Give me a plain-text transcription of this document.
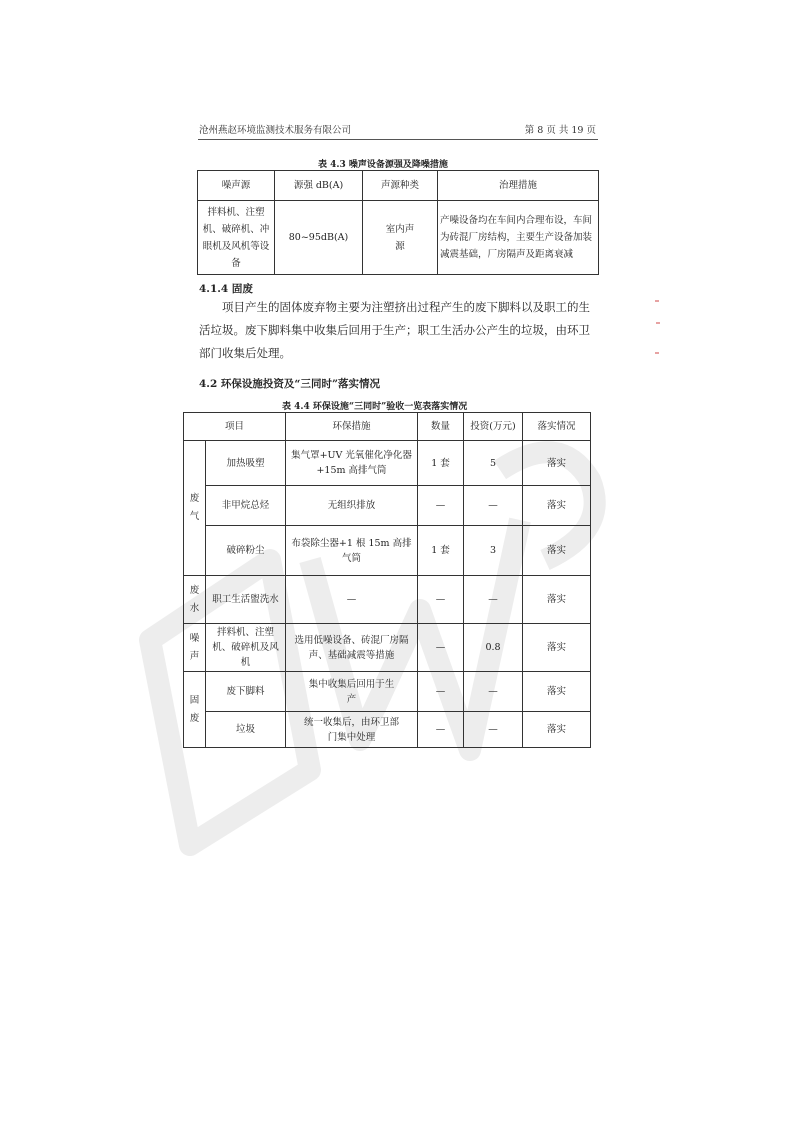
沧州燕赵环境监测技术服务有限公司	第 8 页 共 19 页
表 4.3 噪声设备源强及降噪措施
噪声源	源强 dB(A)	声源种类	治理措施
拌料机、注塑机、破碎机、冲眼机及风机等设备	80~95dB(A)	室内声源	产噪设备均在车间内合理布设，车间为砖混厂房结构，主要生产设备加装减震基础，厂房隔声及距离衰减
4.1.4 固废

项目产生的固体废弃物主要为注塑挤出过程产生的废下脚料以及职工的生活垃圾。废下脚料集中收集后回用于生产；职工生活办公产生的垃圾，由环卫部门收集后处理。

4.2 环保设施投资及“三同时”落实情况
表 4.4 环保设施“三同时”验收一览表落实情况
项目		环保措施	数量	投资(万元)	落实情况
废气	加热吸塑	集气罩+UV 光氧催化净化器+15m 高排气筒	1 套	5	落实
	非甲烷总烃	无组织排放	—	—	落实
	破碎粉尘	布袋除尘器+1 根 15m 高排气筒	1 套	3	落实
废水	职工生活盥洗水	—	—	—	落实
噪声	拌料机、注塑机、破碎机及风机	选用低噪设备、砖混厂房隔声、基础减震等措施	—	0.8	落实
固废	废下脚料	集中收集后回用于生产	—	—	落实
	垃圾	统一收集后，由环卫部门集中处理	—	—	落实
